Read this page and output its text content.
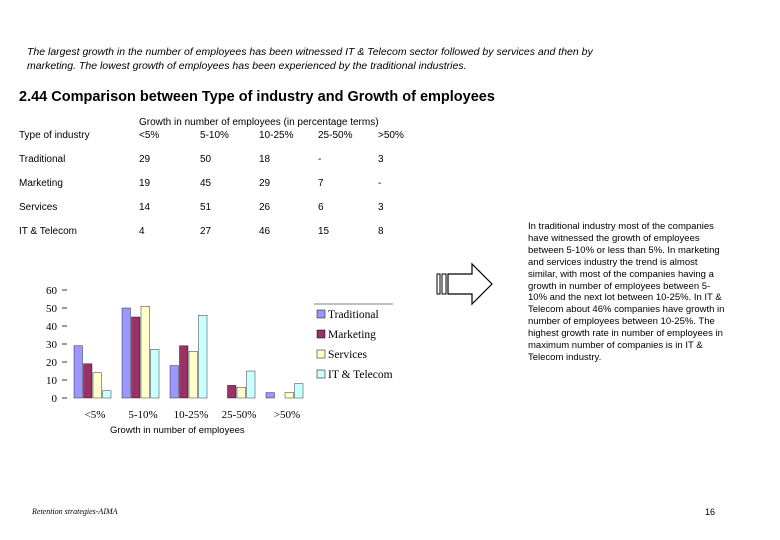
The largest growth in the number of employees has been witnessed IT & Telecom sector followed by services and then by marketing. The lowest growth of employees has been experienced by the traditional industries.
2.44 Comparison between Type of industry and Growth of employees
Type of industry
Growth in number of employees (in percentage terms)
<5%	5-10%	10-25% 25-50%	>50%
Traditional	29	50	18	-	3
Marketing	19	45	29	7	-
Services	14	51	26	6	3
IT & Telecom	4	27	46	15	8
0
10
20
30
40
50
60
<5% 5-10% 10-25% 25-50% >50%
Traditional
Marketing
Services
IT & Telecom
Growth in number of employees
In traditional industry most of the companies have witnessed the growth of employees between 5-10% or less than 5%. In marketing and services industry the trend is almost similar, with most of the companies having a growth in number of employees between 5-10% and the next lot between 10-25%. In IT & Telecom about 46% companies have growth in number of employees between 10-25%. The highest growth rate in number of employees in maximum number of companies is in IT & Telecom industry.
Retention strategies-AIMA	16
